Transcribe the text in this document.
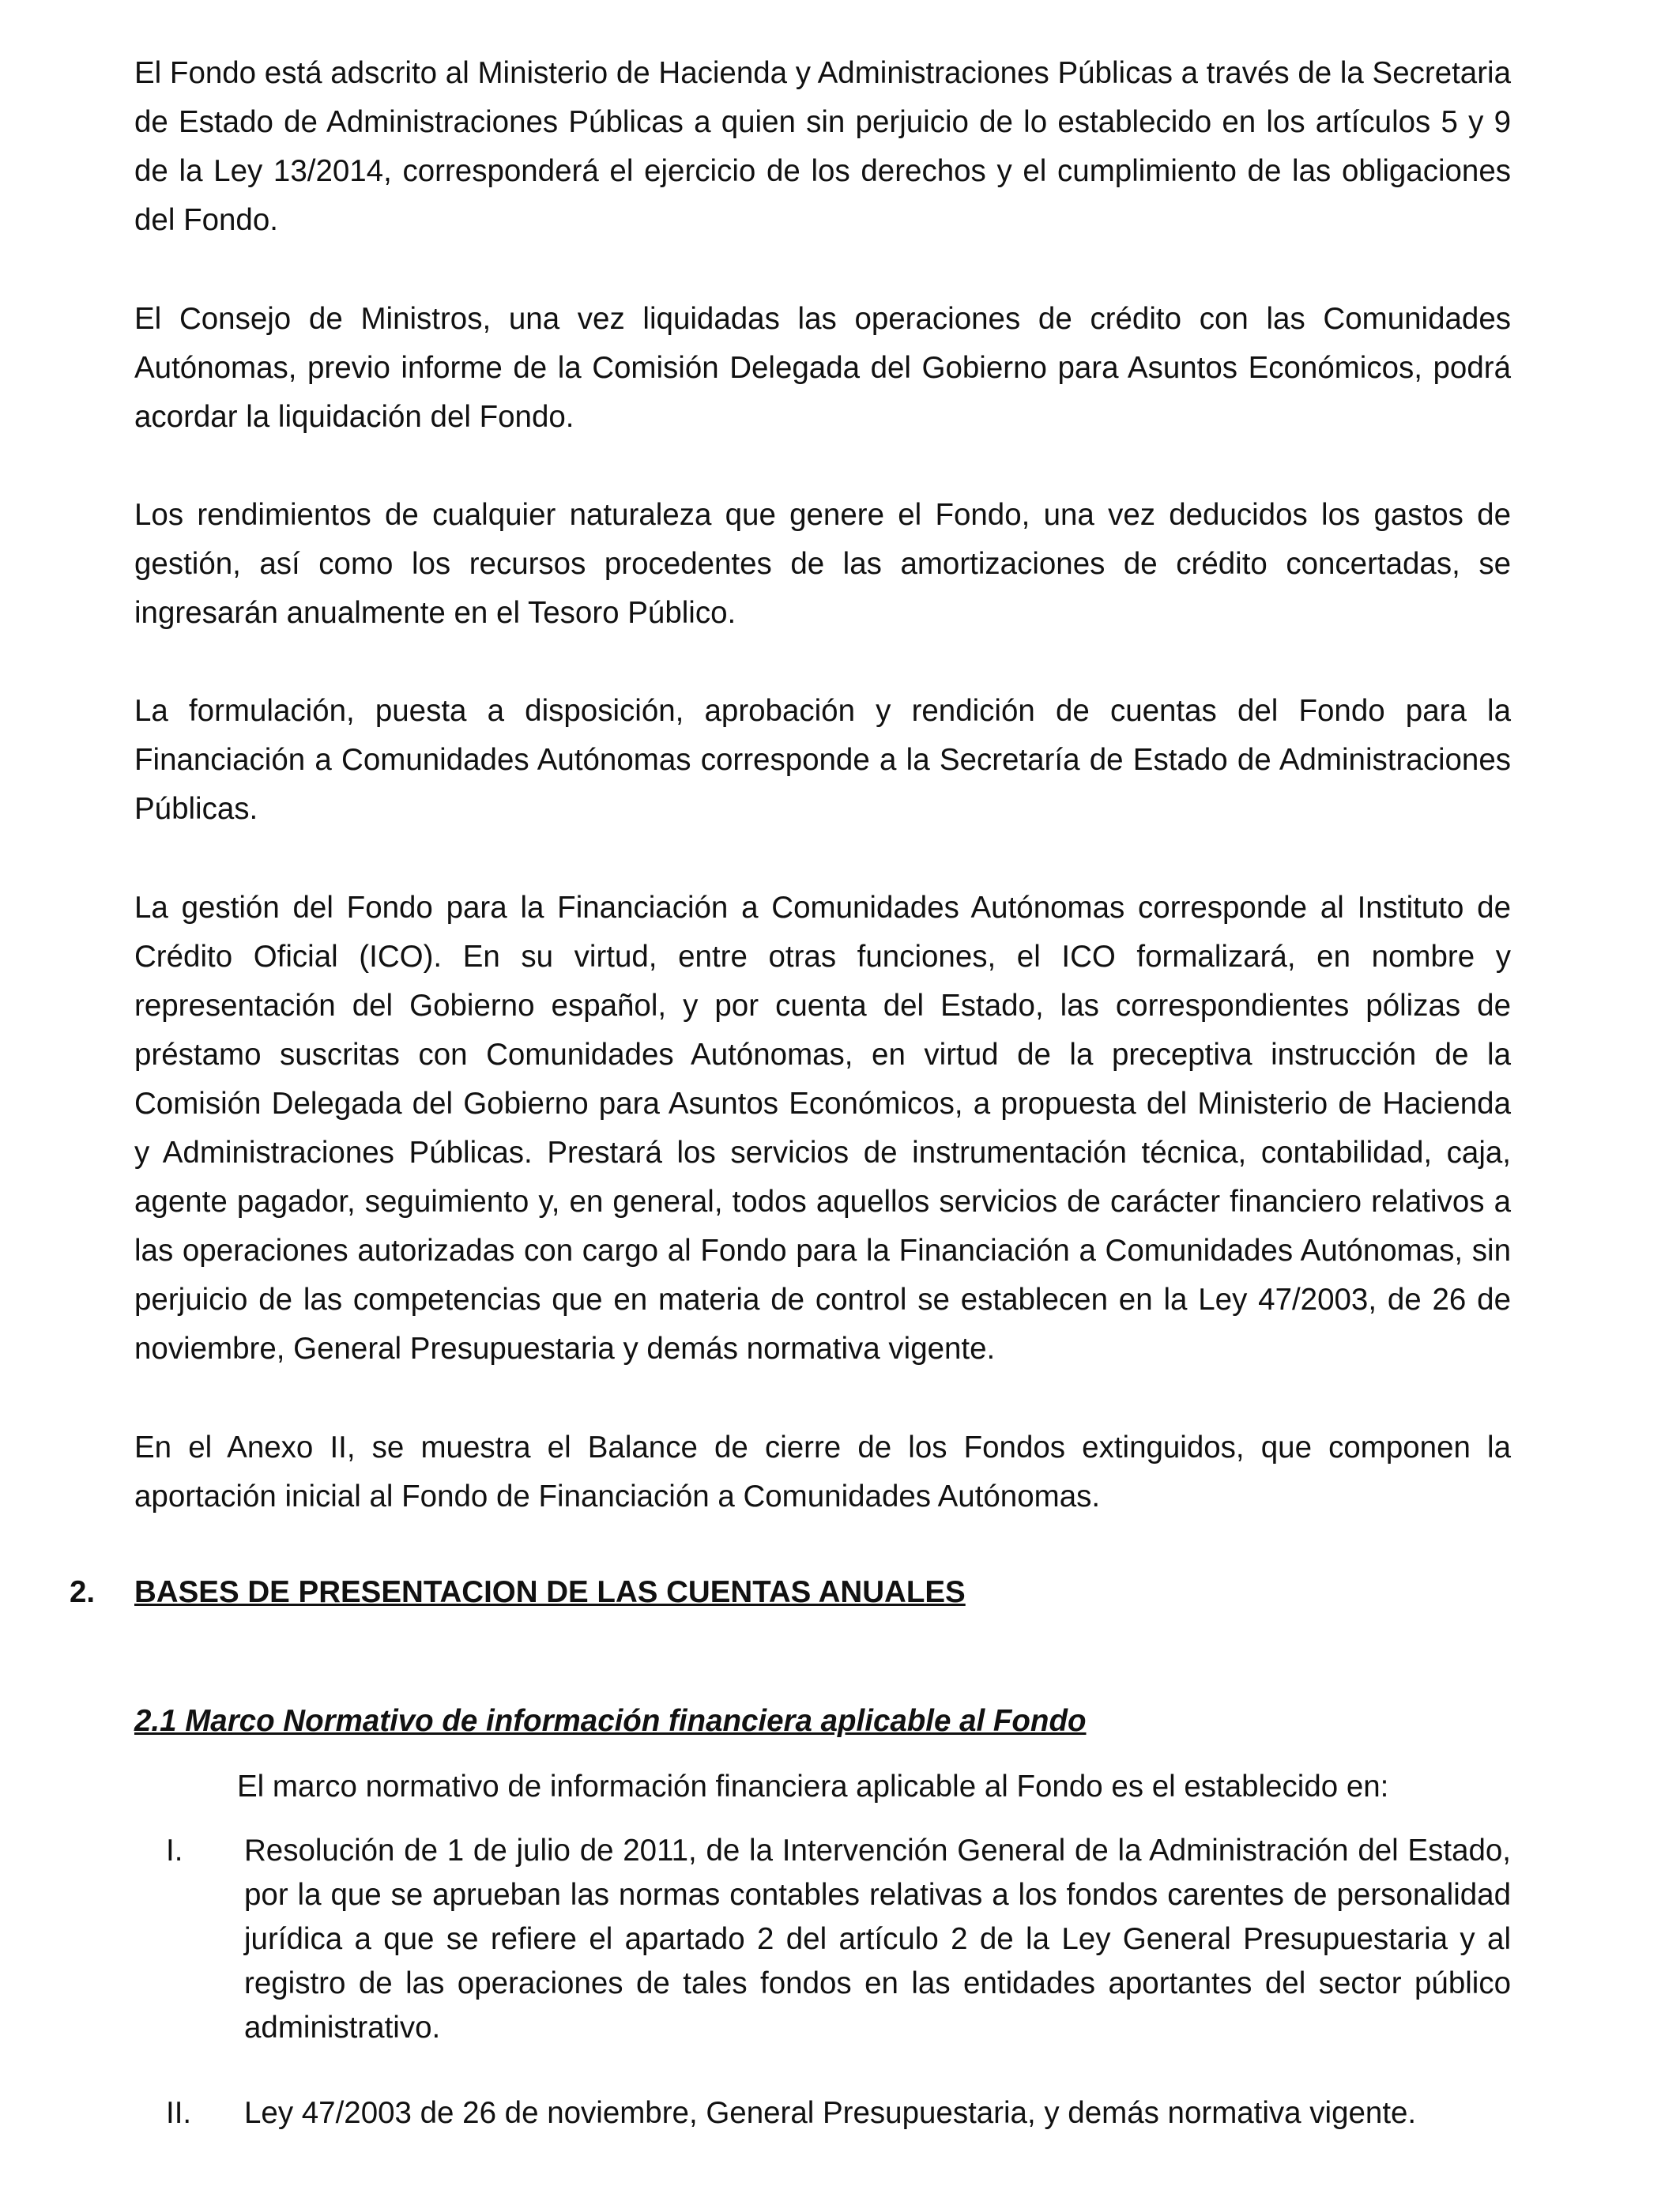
El Fondo está adscrito al Ministerio de Hacienda y Administraciones Públicas a través de la Secretaria de Estado de Administraciones Públicas a quien sin perjuicio de lo establecido en los artículos 5 y 9 de la Ley 13/2014, corresponderá el ejercicio de los derechos y el cumplimiento de las obligaciones del Fondo.

El Consejo de Ministros, una vez liquidadas las operaciones de crédito con las Comunidades Autónomas, previo informe de la Comisión Delegada del Gobierno para Asuntos Económicos, podrá acordar la liquidación del Fondo.

Los rendimientos de cualquier naturaleza que genere el Fondo, una vez deducidos los gastos de gestión, así como los recursos procedentes de las amortizaciones de crédito concertadas, se ingresarán anualmente en el Tesoro Público.

La formulación, puesta a disposición, aprobación y rendición de cuentas del Fondo para la Financiación a Comunidades Autónomas corresponde a la Secretaría de Estado de Administraciones Públicas.

La gestión del Fondo para la Financiación a Comunidades Autónomas corresponde al Instituto de Crédito Oficial (ICO). En su virtud, entre otras funciones, el ICO formalizará, en nombre y representación del Gobierno español, y por cuenta del Estado, las correspondientes pólizas de préstamo suscritas con Comunidades Autónomas, en virtud de la preceptiva instrucción de la Comisión Delegada del Gobierno para Asuntos Económicos, a propuesta del Ministerio de Hacienda y Administraciones Públicas. Prestará los servicios de instrumentación técnica, contabilidad, caja, agente pagador, seguimiento y, en general, todos aquellos servicios de carácter financiero relativos a las operaciones autorizadas con cargo al Fondo para la Financiación a Comunidades Autónomas, sin perjuicio de las competencias que en materia de control se establecen en la Ley 47/2003, de 26 de noviembre, General Presupuestaria y demás normativa vigente.

En el Anexo II, se muestra el Balance de cierre de los Fondos extinguidos, que componen la aportación inicial al Fondo de Financiación a Comunidades Autónomas.

2. BASES DE PRESENTACION DE LAS CUENTAS ANUALES

2.1 Marco Normativo de información financiera aplicable al Fondo

El marco normativo de información financiera aplicable al Fondo es el establecido en:

I.	Resolución de 1 de julio de 2011, de la Intervención General de la Administración del Estado, por la que se aprueban las normas contables relativas a los fondos carentes de personalidad jurídica a que se refiere el apartado 2 del artículo 2 de la Ley General Presupuestaria y al registro de las operaciones de tales fondos en las entidades aportantes del sector público administrativo.
II.	Ley 47/2003 de 26 de noviembre, General Presupuestaria, y demás normativa vigente.
